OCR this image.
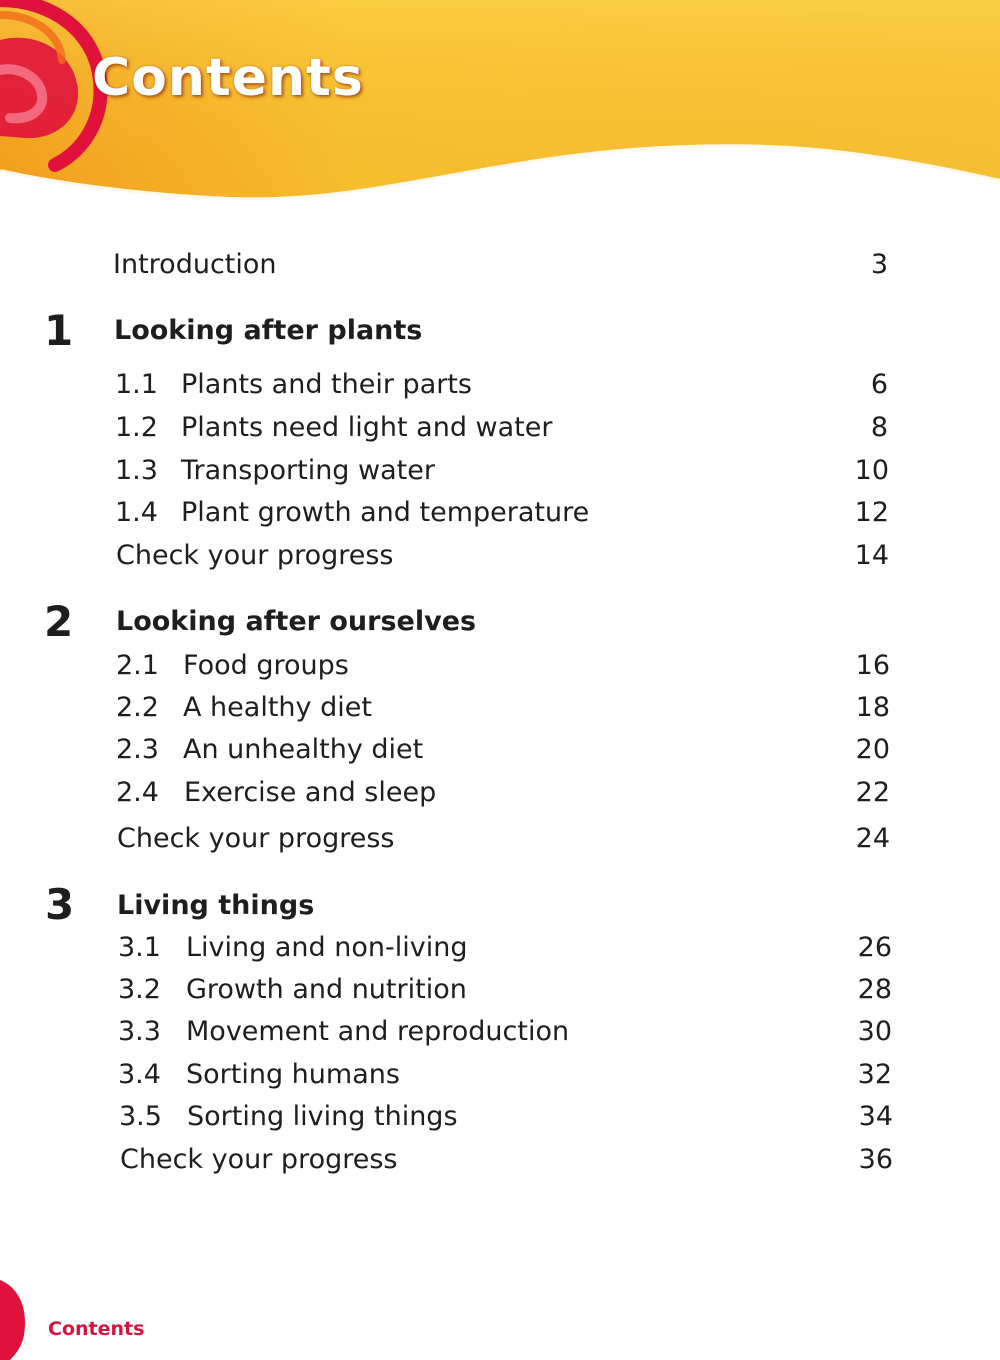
Contents
Introduction	3
1 Looking after plants
1.1 Plants and their parts	6
1.2 Plants need light and water	8
1.3 Transporting water	10
1.4 Plant growth and temperature	12
Check your progress	14
2 Looking after ourselves
2.1 Food groups	16
2.2 A healthy diet	18
2.3 An unhealthy diet	20
2.4 Exercise and sleep	22
Check your progress	24
3 Living things
3.1 Living and non-living	26
3.2 Growth and nutrition	28
3.3 Movement and reproduction	30
3.4 Sorting humans	32
3.5 Sorting living things	34
Check your progress	36
Contents
